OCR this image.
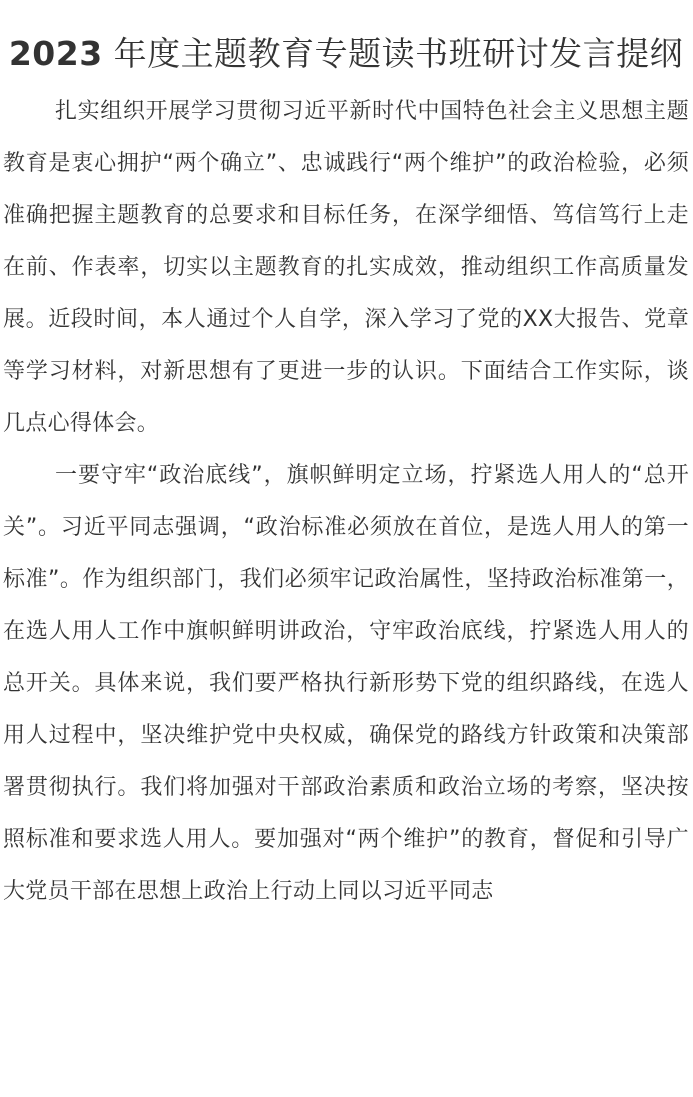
2023 年度主题教育专题读书班研讨发言提纲

扎实组织开展学习贯彻习近平新时代中国特色社会主义思想主题教育是衷心拥护“两个确立”、忠诚践行“两个维护”的政治检验，必须准确把握主题教育的总要求和目标任务，在深学细悟、笃信笃行上走在前、作表率，切实以主题教育的扎实成效，推动组织工作高质量发展。近段时间，本人通过个人自学，深入学习了党的XX大报告、党章等学习材料，对新思想有了更进一步的认识。下面结合工作实际，谈几点心得体会。

一要守牢“政治底线”，旗帜鲜明定立场，拧紧选人用人的“总开关”。习近平同志强调，“政治标准必须放在首位，是选人用人的第一标准”。作为组织部门，我们必须牢记政治属性，坚持政治标准第一，在选人用人工作中旗帜鲜明讲政治，守牢政治底线，拧紧选人用人的总开关。具体来说，我们要严格执行新形势下党的组织路线，在选人用人过程中，坚决维护党中央权威，确保党的路线方针政策和决策部署贯彻执行。我们将加强对干部政治素质和政治立场的考察，坚决按照标准和要求选人用人。要加强对“两个维护”的教育，督促和引导广大党员干部在思想上政治上行动上同以习近平同志
